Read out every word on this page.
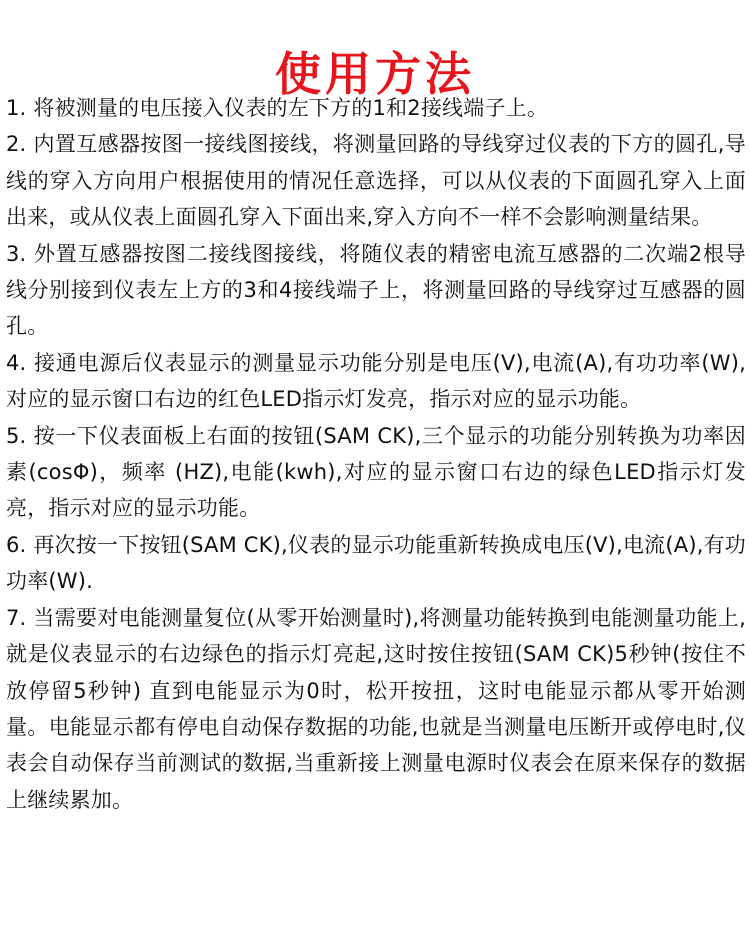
使用方法
1. 将被测量的电压接入仪表的左下方的1和2接线端子上。
2. 内置互感器按图一接线图接线，将测量回路的导线穿过仪表的下方的圆孔,导线的穿入方向用户根据使用的情况任意选择，可以从仪表的下面圆孔穿入上面出来，或从仪表上面圆孔穿入下面出来,穿入方向不一样不会影响测量结果。
3. 外置互感器按图二接线图接线，将随仪表的精密电流互感器的二次端2根导线分别接到仪表左上方的3和4接线端子上，将测量回路的导线穿过互感器的圆孔。
4. 接通电源后仪表显示的测量显示功能分别是电压(V),电流(A),有功功率(W),对应的显示窗口右边的红色LED指示灯发亮，指示对应的显示功能。
5. 按一下仪表面板上右面的按钮(SAM CK),三个显示的功能分别转换为功率因素(cosΦ)，频率 (HZ),电能(kwh),对应的显示窗口右边的绿色LED指示灯发亮，指示对应的显示功能。
6. 再次按一下按钮(SAM CK),仪表的显示功能重新转换成电压(V),电流(A),有功功率(W).
7. 当需要对电能测量复位(从零开始测量时),将测量功能转换到电能测量功能上,就是仪表显示的右边绿色的指示灯亮起,这时按住按钮(SAM CK)5秒钟(按住不放停留5秒钟) 直到电能显示为0时，松开按扭，这时电能显示都从零开始测量。电能显示都有停电自动保存数据的功能,也就是当测量电压断开或停电时,仪表会自动保存当前测试的数据,当重新接上测量电源时仪表会在原来保存的数据上继续累加。
